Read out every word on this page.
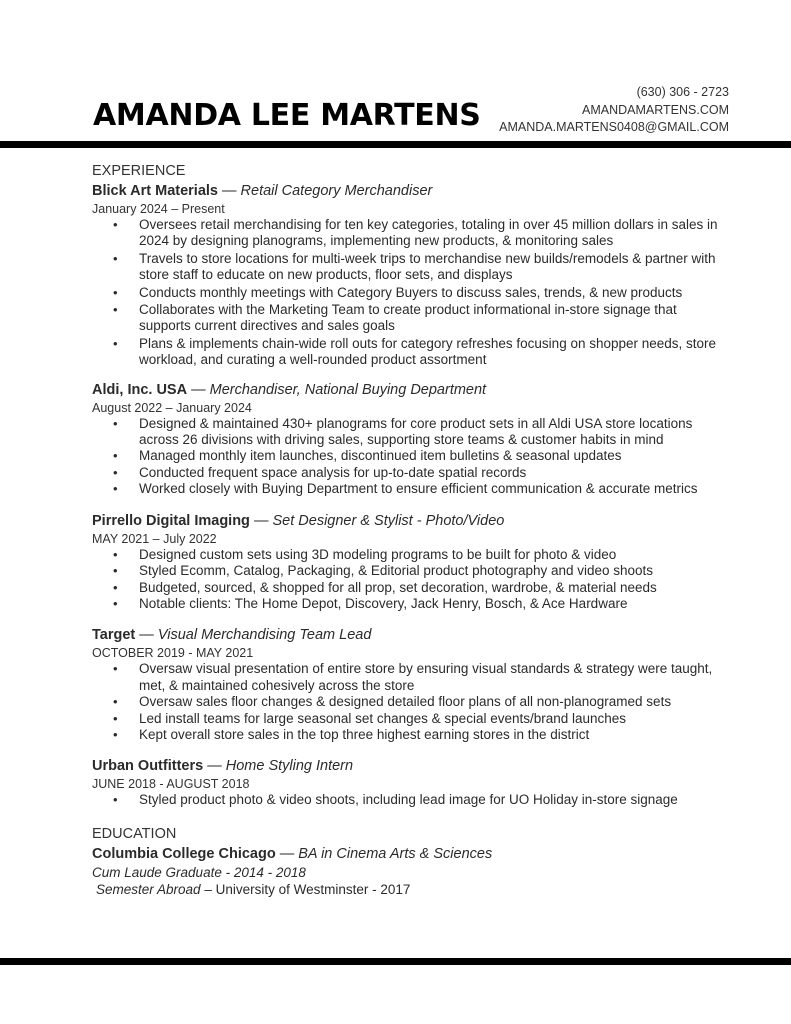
AMANDA LEE MARTENS
(630) 306 - 2723
AMANDAMARTENS.COM
AMANDA.MARTENS0408@GMAIL.COM
EXPERIENCE
Blick Art Materials — Retail Category Merchandiser
January 2024 – Present
• Oversees retail merchandising for ten key categories, totaling in over 45 million dollars in sales in 2024 by designing planograms, implementing new products, & monitoring sales
• Travels to store locations for multi-week trips to merchandise new builds/remodels & partner with store staff to educate on new products, floor sets, and displays
• Conducts monthly meetings with Category Buyers to discuss sales, trends, & new products
• Collaborates with the Marketing Team to create product informational in-store signage that supports current directives and sales goals
• Plans & implements chain-wide roll outs for category refreshes focusing on shopper needs, store workload, and curating a well-rounded product assortment
Aldi, Inc. USA — Merchandiser, National Buying Department
August 2022 – January 2024
• Designed & maintained 430+ planograms for core product sets in all Aldi USA store locations across 26 divisions with driving sales, supporting store teams & customer habits in mind
• Managed monthly item launches, discontinued item bulletins & seasonal updates
• Conducted frequent space analysis for up-to-date spatial records
• Worked closely with Buying Department to ensure efficient communication & accurate metrics
Pirrello Digital Imaging — Set Designer & Stylist - Photo/Video
MAY 2021 – July 2022
• Designed custom sets using 3D modeling programs to be built for photo & video
• Styled Ecomm, Catalog, Packaging, & Editorial product photography and video shoots
• Budgeted, sourced, & shopped for all prop, set decoration, wardrobe, & material needs
• Notable clients: The Home Depot, Discovery, Jack Henry, Bosch, & Ace Hardware
Target — Visual Merchandising Team Lead
OCTOBER 2019 - MAY 2021
• Oversaw visual presentation of entire store by ensuring visual standards & strategy were taught, met, & maintained cohesively across the store
• Oversaw sales floor changes & designed detailed floor plans of all non-planogramed sets
• Led install teams for large seasonal set changes & special events/brand launches
• Kept overall store sales in the top three highest earning stores in the district
Urban Outfitters — Home Styling Intern
JUNE 2018 - AUGUST 2018
• Styled product photo & video shoots, including lead image for UO Holiday in-store signage
EDUCATION
Columbia College Chicago — BA in Cinema Arts & Sciences
Cum Laude Graduate - 2014 - 2018
Semester Abroad – University of Westminster - 2017
